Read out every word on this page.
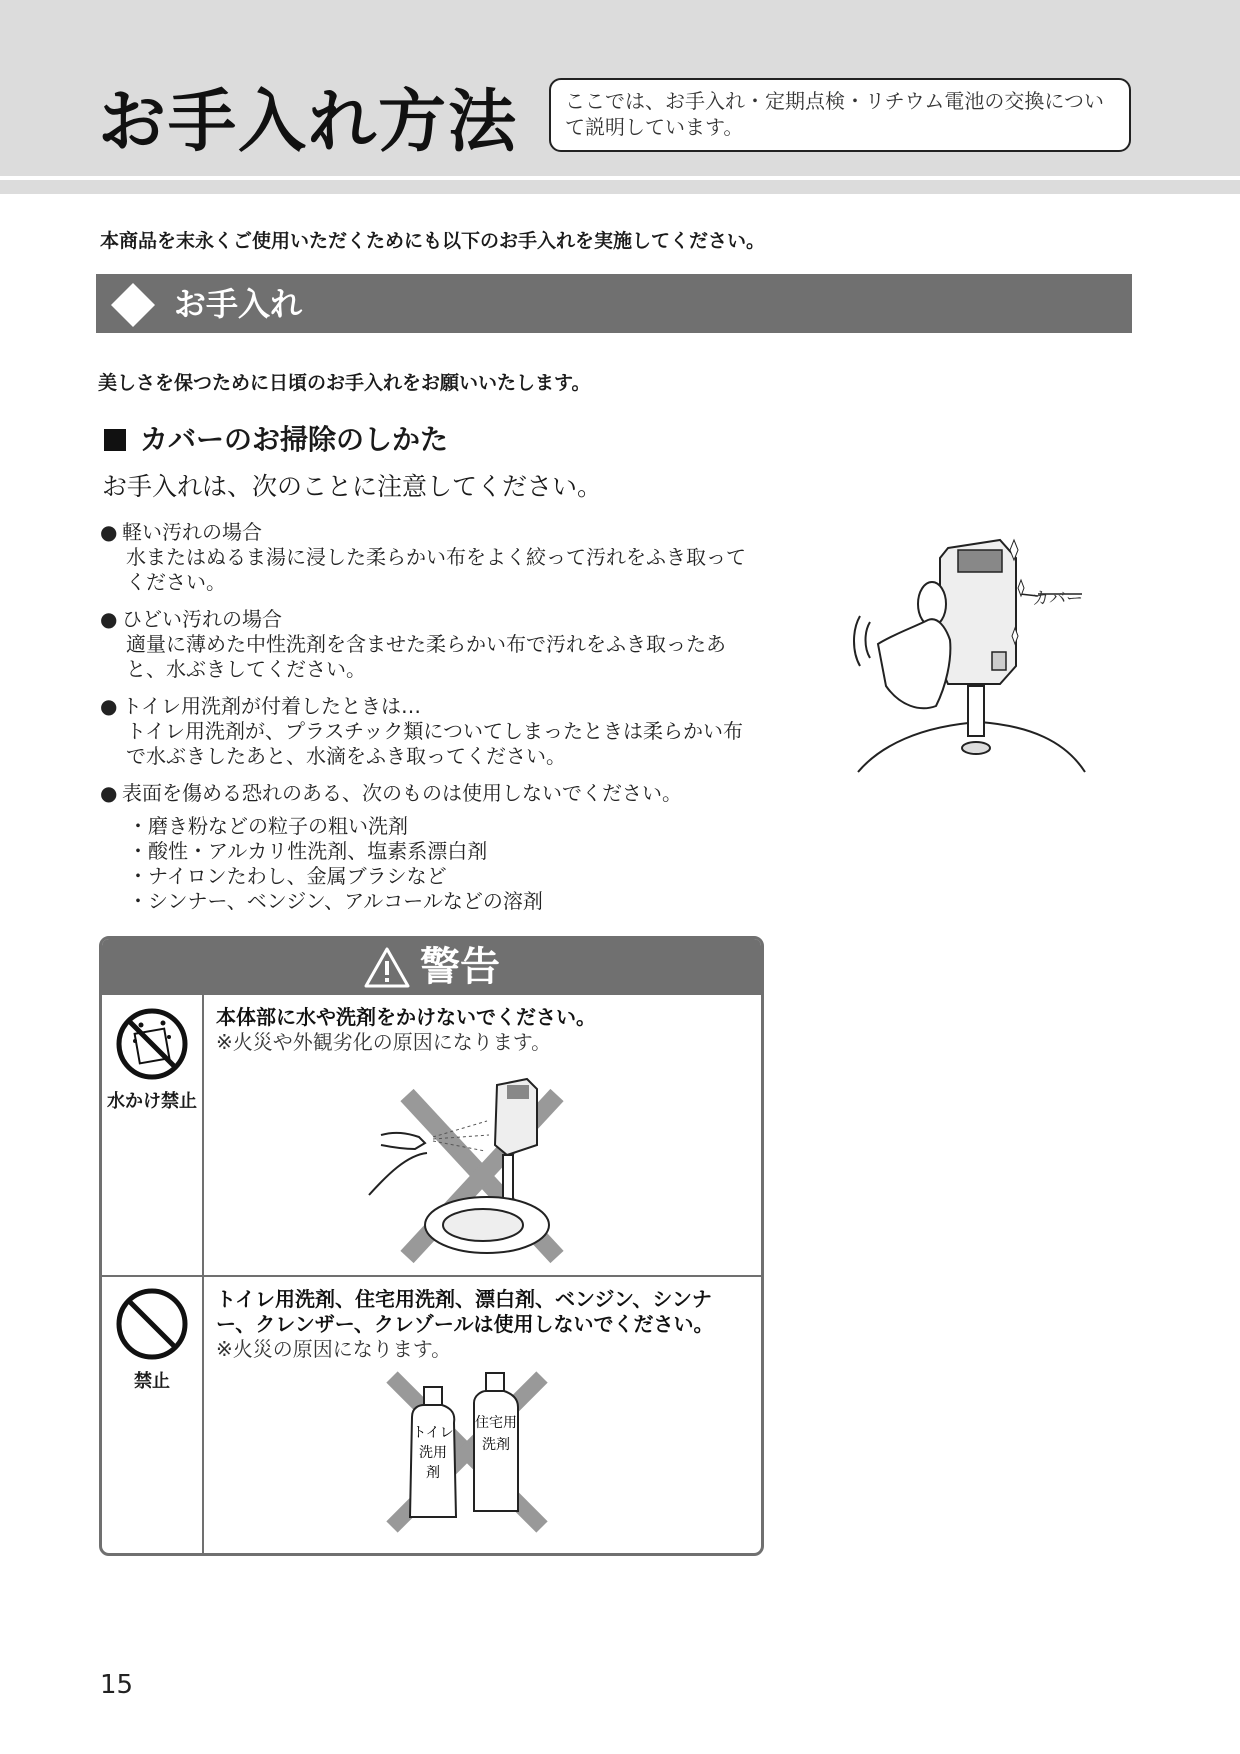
お手入れ方法	ここでは、お手入れ・定期点検・リチウム電池の交換について説明しています。
本商品を末永くご使用いただくためにも以下のお手入れを実施してください。
お手入れ
美しさを保つために日頃のお手入れをお願いいたします。
カバーのお掃除のしかた
お手入れは、次のことに注意してください。
● 軽い汚れの場合
水またはぬるま湯に浸した柔らかい布をよく絞って汚れをふき取ってください。
● ひどい汚れの場合
適量に薄めた中性洗剤を含ませた柔らかい布で汚れをふき取ったあと、水ぶきしてください。
● トイレ用洗剤が付着したときは…
トイレ用洗剤が、プラスチック類についてしまったときは柔らかい布で水ぶきしたあと、水滴をふき取ってください。
● 表面を傷める恐れのある、次のものは使用しないでください。
・磨き粉などの粒子の粗い洗剤
・酸性・アルカリ性洗剤、塩素系漂白剤
・ナイロンたわし、金属ブラシなど
・シンナー、ベンジン、アルコールなどの溶剤
カバー
警告
水かけ禁止
本体部に水や洗剤をかけないでください。
※火災や外観劣化の原因になります。
禁止
トイレ用洗剤、住宅用洗剤、漂白剤、ベンジン、シンナー、クレンザー、クレゾールは使用しないでください。
※火災の原因になります。
トイレ
洗用
剤
住宅用
洗剤
15
